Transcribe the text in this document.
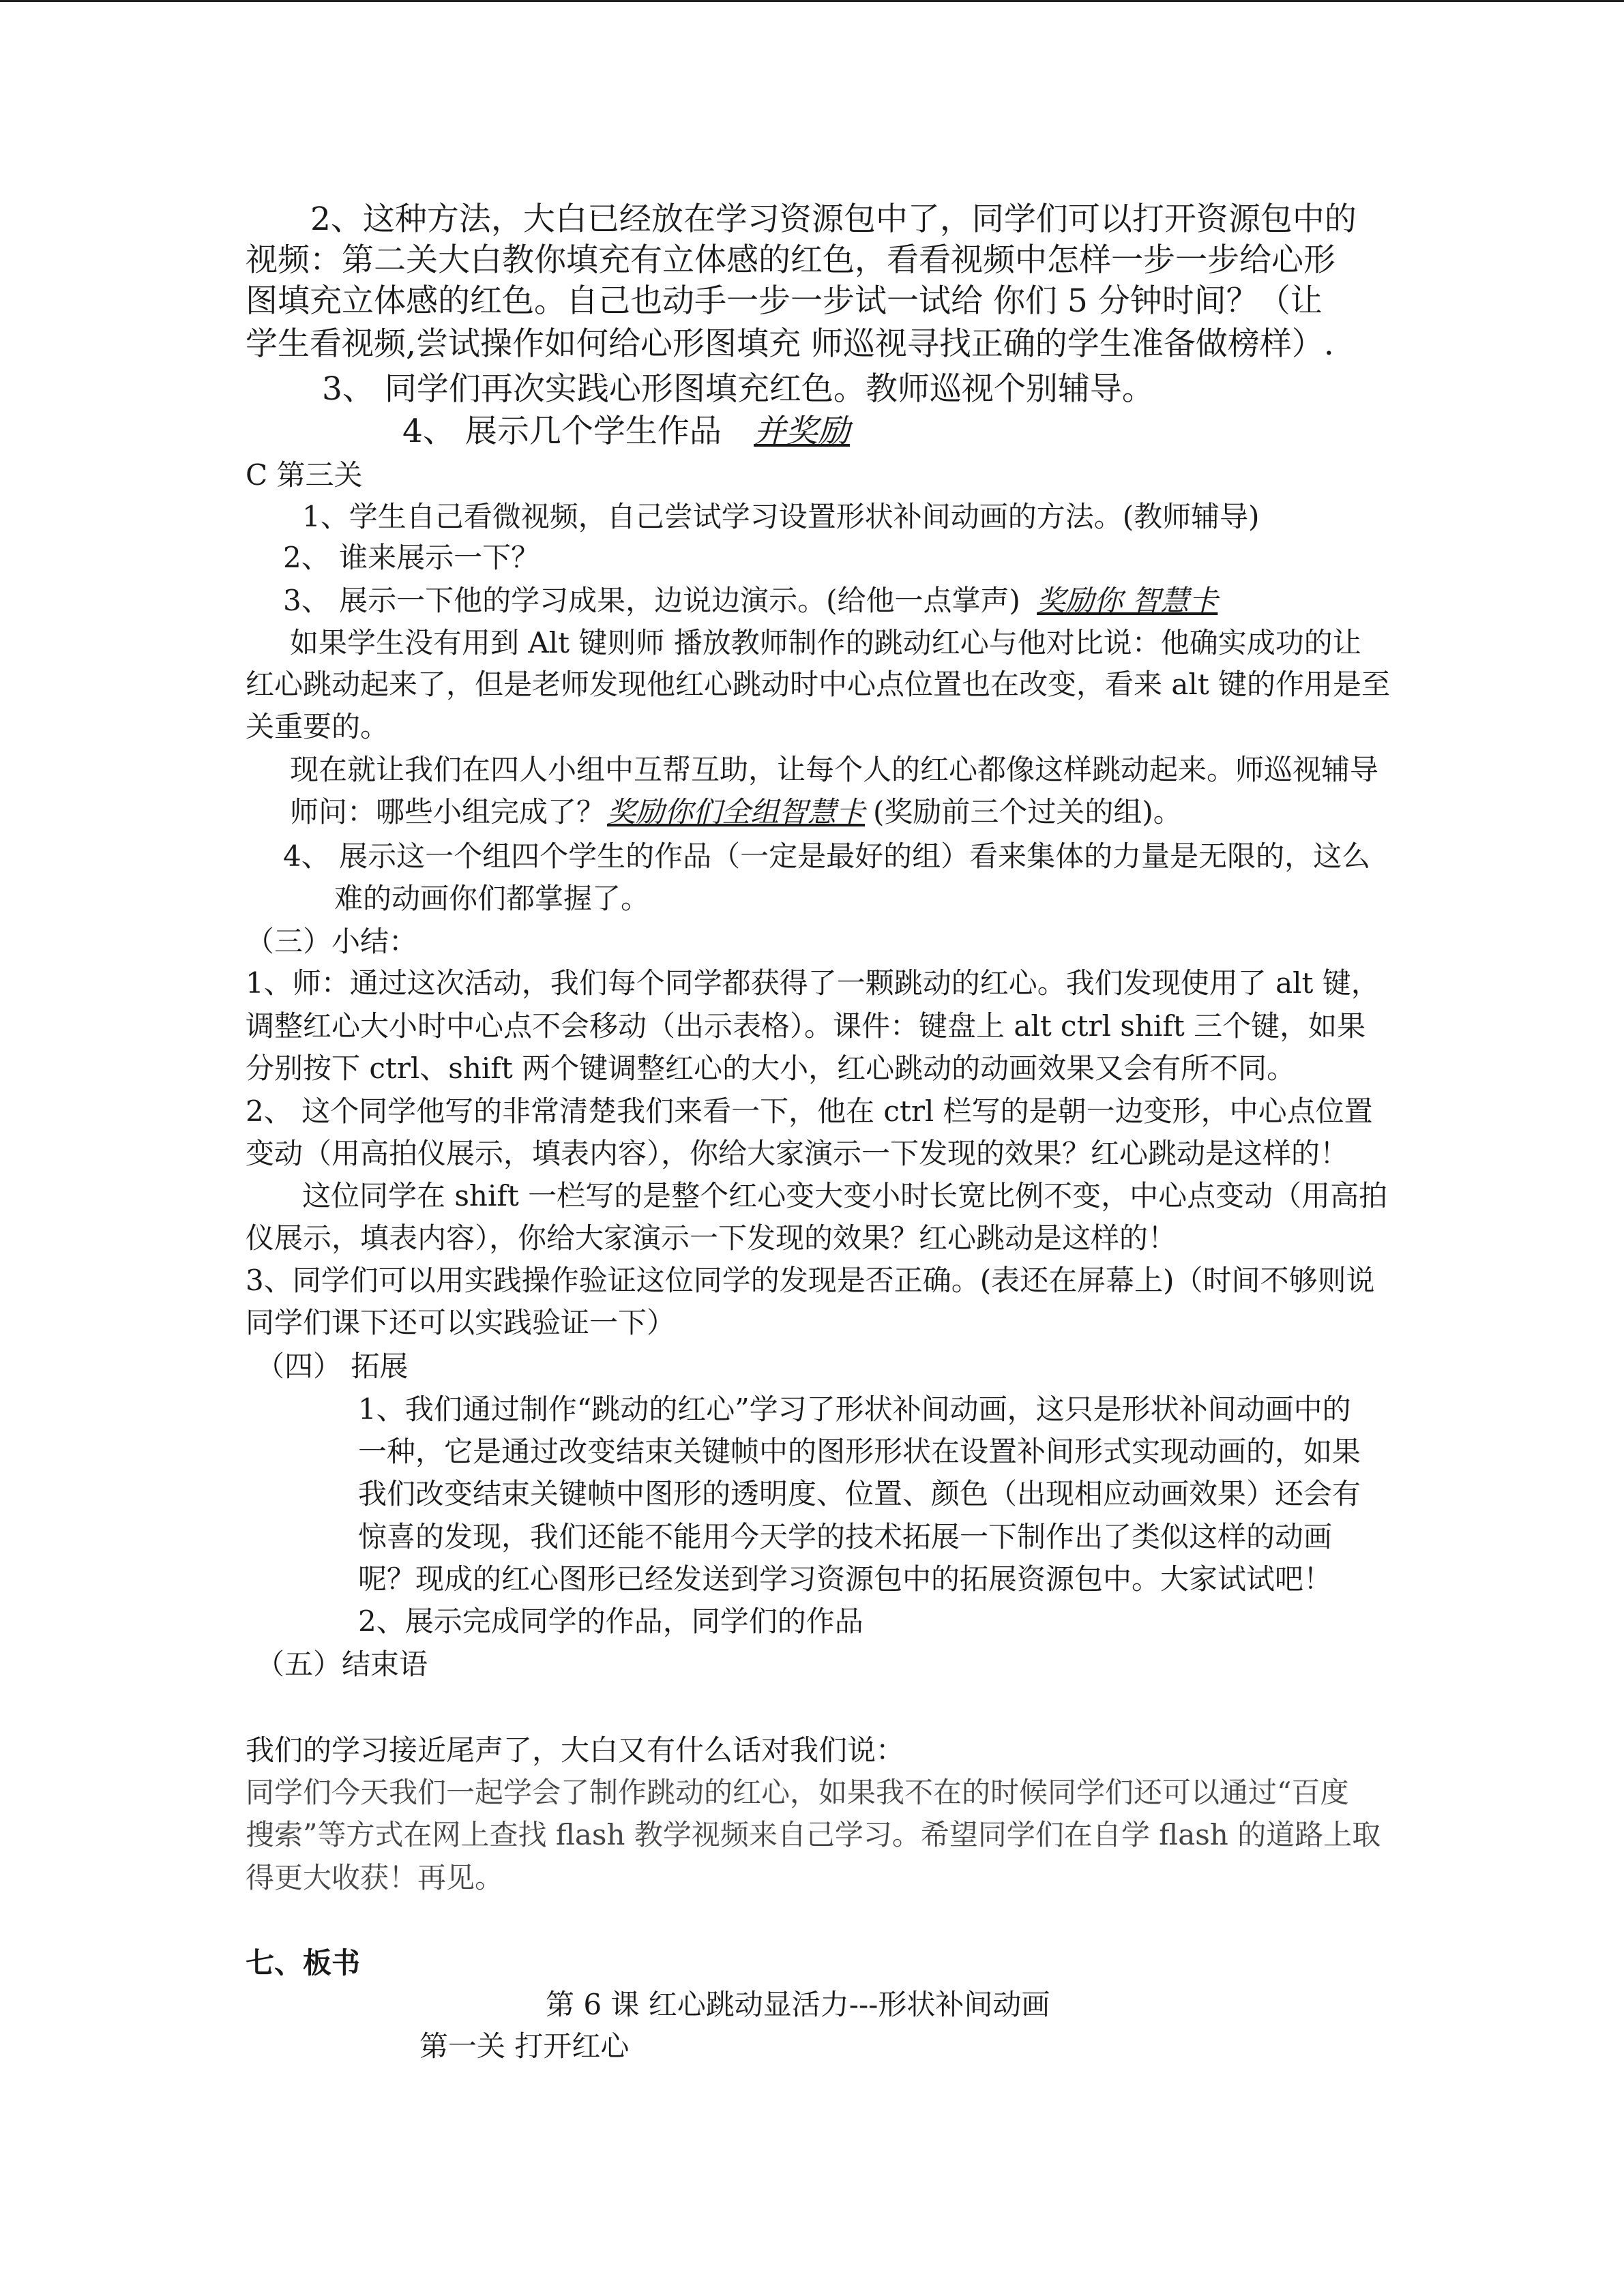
2、这种方法，大白已经放在学习资源包中了，同学们可以打开资源包中的
视频：第二关大白教你填充有立体感的红色，看看视频中怎样一步一步给心形
图填充立体感的红色。自己也动手一步一步试一试给 你们 5 分钟时间？（让
学生看视频,尝试操作如何给心形图填充 师巡视寻找正确的学生准备做榜样）.
3、 同学们再次实践心形图填充红色。教师巡视个别辅导。
4、 展示几个学生作品 并奖励
C 第三关
1、学生自己看微视频，自己尝试学习设置形状补间动画的方法。(教师辅导)
2、 谁来展示一下？
3、 展示一下他的学习成果，边说边演示。(给他一点掌声) 奖励你 智慧卡
如果学生没有用到 Alt 键则师 播放教师制作的跳动红心与他对比说：他确实成功的让
红心跳动起来了，但是老师发现他红心跳动时中心点位置也在改变，看来 alt 键的作用是至
关重要的。
现在就让我们在四人小组中互帮互助，让每个人的红心都像这样跳动起来。师巡视辅导
师问：哪些小组完成了？ 奖励你们全组智慧卡 (奖励前三个过关的组)。
4、 展示这一个组四个学生的作品（一定是最好的组）看来集体的力量是无限的，这么
难的动画你们都掌握了。
（三）小结：
1、师：通过这次活动，我们每个同学都获得了一颗跳动的红心。我们发现使用了 alt 键，
调整红心大小时中心点不会移动（出示表格）。课件：键盘上 alt ctrl shift 三个键，如果
分别按下 ctrl、shift 两个键调整红心的大小，红心跳动的动画效果又会有所不同。
2、 这个同学他写的非常清楚我们来看一下，他在 ctrl 栏写的是朝一边变形，中心点位置
变动（用高拍仪展示，填表内容），你给大家演示一下发现的效果？红心跳动是这样的！
这位同学在 shift 一栏写的是整个红心变大变小时长宽比例不变，中心点变动（用高拍
仪展示，填表内容），你给大家演示一下发现的效果？红心跳动是这样的！
3、同学们可以用实践操作验证这位同学的发现是否正确。(表还在屏幕上)（时间不够则说
同学们课下还可以实践验证一下）
（四） 拓展
1、我们通过制作“跳动的红心”学习了形状补间动画，这只是形状补间动画中的
一种，它是通过改变结束关键帧中的图形形状在设置补间形式实现动画的，如果
我们改变结束关键帧中图形的透明度、位置、颜色（出现相应动画效果）还会有
惊喜的发现，我们还能不能用今天学的技术拓展一下制作出了类似这样的动画
呢？现成的红心图形已经发送到学习资源包中的拓展资源包中。大家试试吧！
2、展示完成同学的作品，同学们的作品
（五）结束语
我们的学习接近尾声了，大白又有什么话对我们说：
同学们今天我们一起学会了制作跳动的红心，如果我不在的时候同学们还可以通过“百度
搜索”等方式在网上查找 flash 教学视频来自己学习。希望同学们在自学 flash 的道路上取
得更大收获！再见。
七、板书
第 6 课 红心跳动显活力---形状补间动画
第一关 打开红心
